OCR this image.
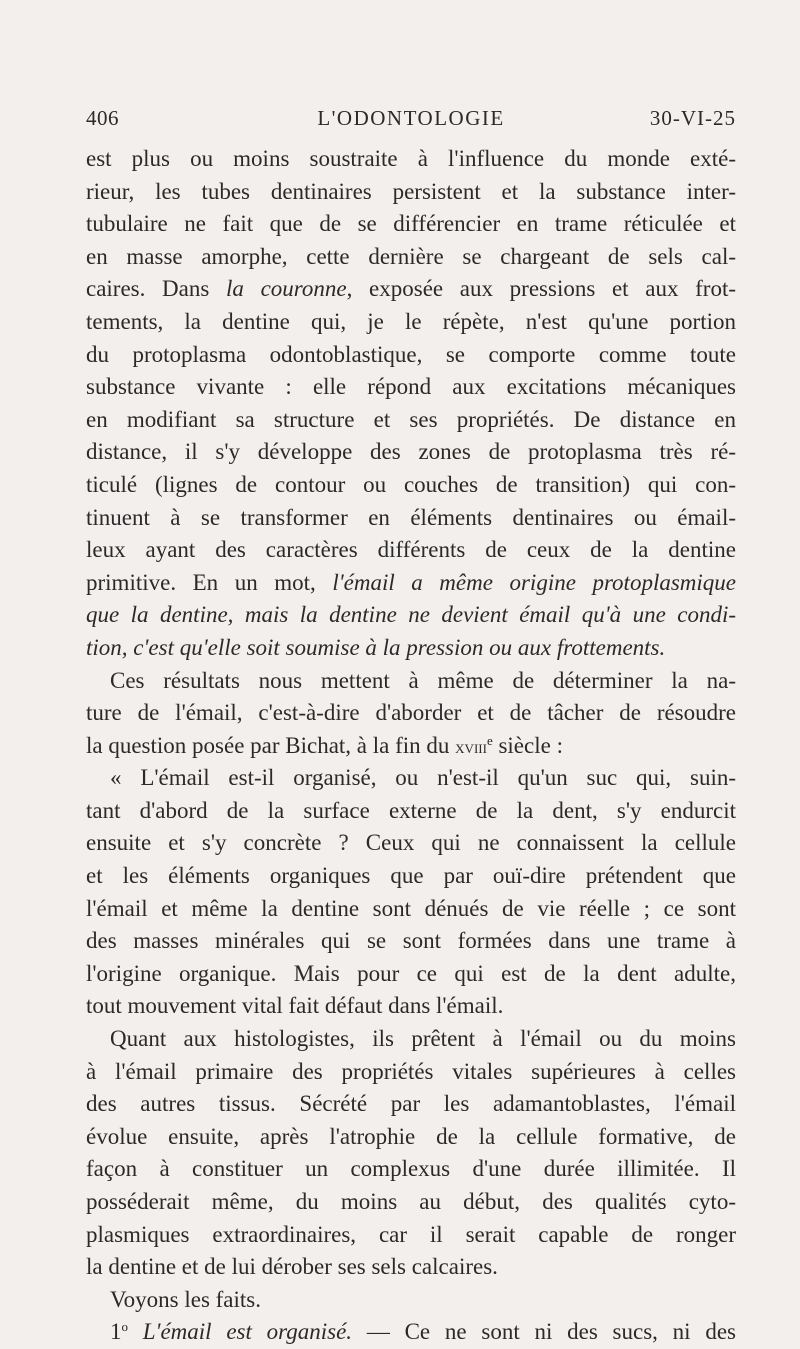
406	L'ODONTOLOGIE	30-VI-25
est plus ou moins soustraite à l'influence du monde exté-
rieur, les tubes dentinaires persistent et la substance inter-
tubulaire ne fait que de se différencier en trame réticulée et
en masse amorphe, cette dernière se chargeant de sels cal-
caires. Dans la couronne, exposée aux pressions et aux frot-
tements, la dentine qui, je le répète, n'est qu'une portion
du protoplasma odontoblastique, se comporte comme toute
substance vivante : elle répond aux excitations mécaniques
en modifiant sa structure et ses propriétés. De distance en
distance, il s'y développe des zones de protoplasma très ré-
ticulé (lignes de contour ou couches de transition) qui con-
tinuent à se transformer en éléments dentinaires ou émail-
leux ayant des caractères différents de ceux de la dentine
primitive. En un mot, l'émail a même origine protoplasmique
que la dentine, mais la dentine ne devient émail qu'à une condi-
tion, c'est qu'elle soit soumise à la pression ou aux frottements.
Ces résultats nous mettent à même de déterminer la na-
ture de l'émail, c'est-à-dire d'aborder et de tâcher de résoudre
la question posée par Bichat, à la fin du xviii$^e$ siècle :
« L'émail est-il organisé, ou n'est-il qu'un suc qui, suin-
tant d'abord de la surface externe de la dent, s'y endurcit
ensuite et s'y concrète ? Ceux qui ne connaissent la cellule
et les éléments organiques que par ouï-dire prétendent que
l'émail et même la dentine sont dénués de vie réelle ; ce sont
des masses minérales qui se sont formées dans une trame à
l'origine organique. Mais pour ce qui est de la dent adulte,
tout mouvement vital fait défaut dans l'émail.
Quant aux histologistes, ils prêtent à l'émail ou du moins
à l'émail primaire des propriétés vitales supérieures à celles
des autres tissus. Sécrété par les adamantoblastes, l'émail
évolue ensuite, après l'atrophie de la cellule formative, de
façon à constituer un complexus d'une durée illimitée. Il
posséderait même, du moins au début, des qualités cyto-
plasmiques extraordinaires, car il serait capable de ronger
la dentine et de lui dérober ses sels calcaires.
Voyons les faits.
1$^o$ L'émail est organisé. — Ce ne sont ni des sucs, ni des
